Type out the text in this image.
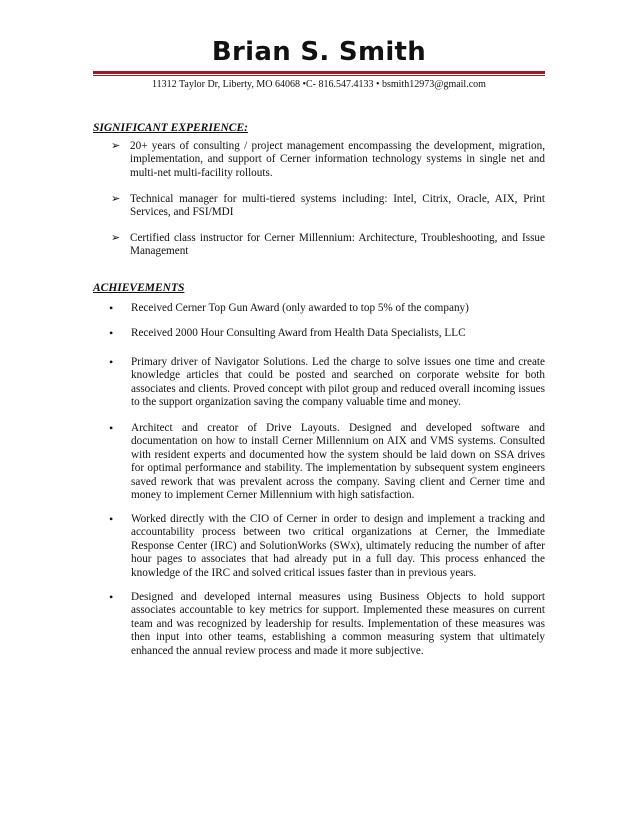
Brian S. Smith
11312 Taylor Dr, Liberty, MO 64068 •C- 816.547.4133 • bsmith12973@gmail.com
SIGNIFICANT EXPERIENCE:
➢ 20+ years of consulting / project management encompassing the development, migration, implementation, and support of Cerner information technology systems in single net and multi-net multi-facility rollouts.
➢ Technical manager for multi-tiered systems including: Intel, Citrix, Oracle, AIX, Print Services, and FSI/MDI
➢ Certified class instructor for Cerner Millennium: Architecture, Troubleshooting, and Issue Management
ACHIEVEMENTS
• Received Cerner Top Gun Award (only awarded to top 5% of the company)
• Received 2000 Hour Consulting Award from Health Data Specialists, LLC
• Primary driver of Navigator Solutions. Led the charge to solve issues one time and create knowledge articles that could be posted and searched on corporate website for both associates and clients. Proved concept with pilot group and reduced overall incoming issues to the support organization saving the company valuable time and money.
• Architect and creator of Drive Layouts. Designed and developed software and documentation on how to install Cerner Millennium on AIX and VMS systems. Consulted with resident experts and documented how the system should be laid down on SSA drives for optimal performance and stability. The implementation by subsequent system engineers saved rework that was prevalent across the company. Saving client and Cerner time and money to implement Cerner Millennium with high satisfaction.
• Worked directly with the CIO of Cerner in order to design and implement a tracking and accountability process between two critical organizations at Cerner, the Immediate Response Center (IRC) and SolutionWorks (SWx), ultimately reducing the number of after hour pages to associates that had already put in a full day. This process enhanced the knowledge of the IRC and solved critical issues faster than in previous years.
• Designed and developed internal measures using Business Objects to hold support associates accountable to key metrics for support. Implemented these measures on current team and was recognized by leadership for results. Implementation of these measures was then input into other teams, establishing a common measuring system that ultimately enhanced the annual review process and made it more subjective.
